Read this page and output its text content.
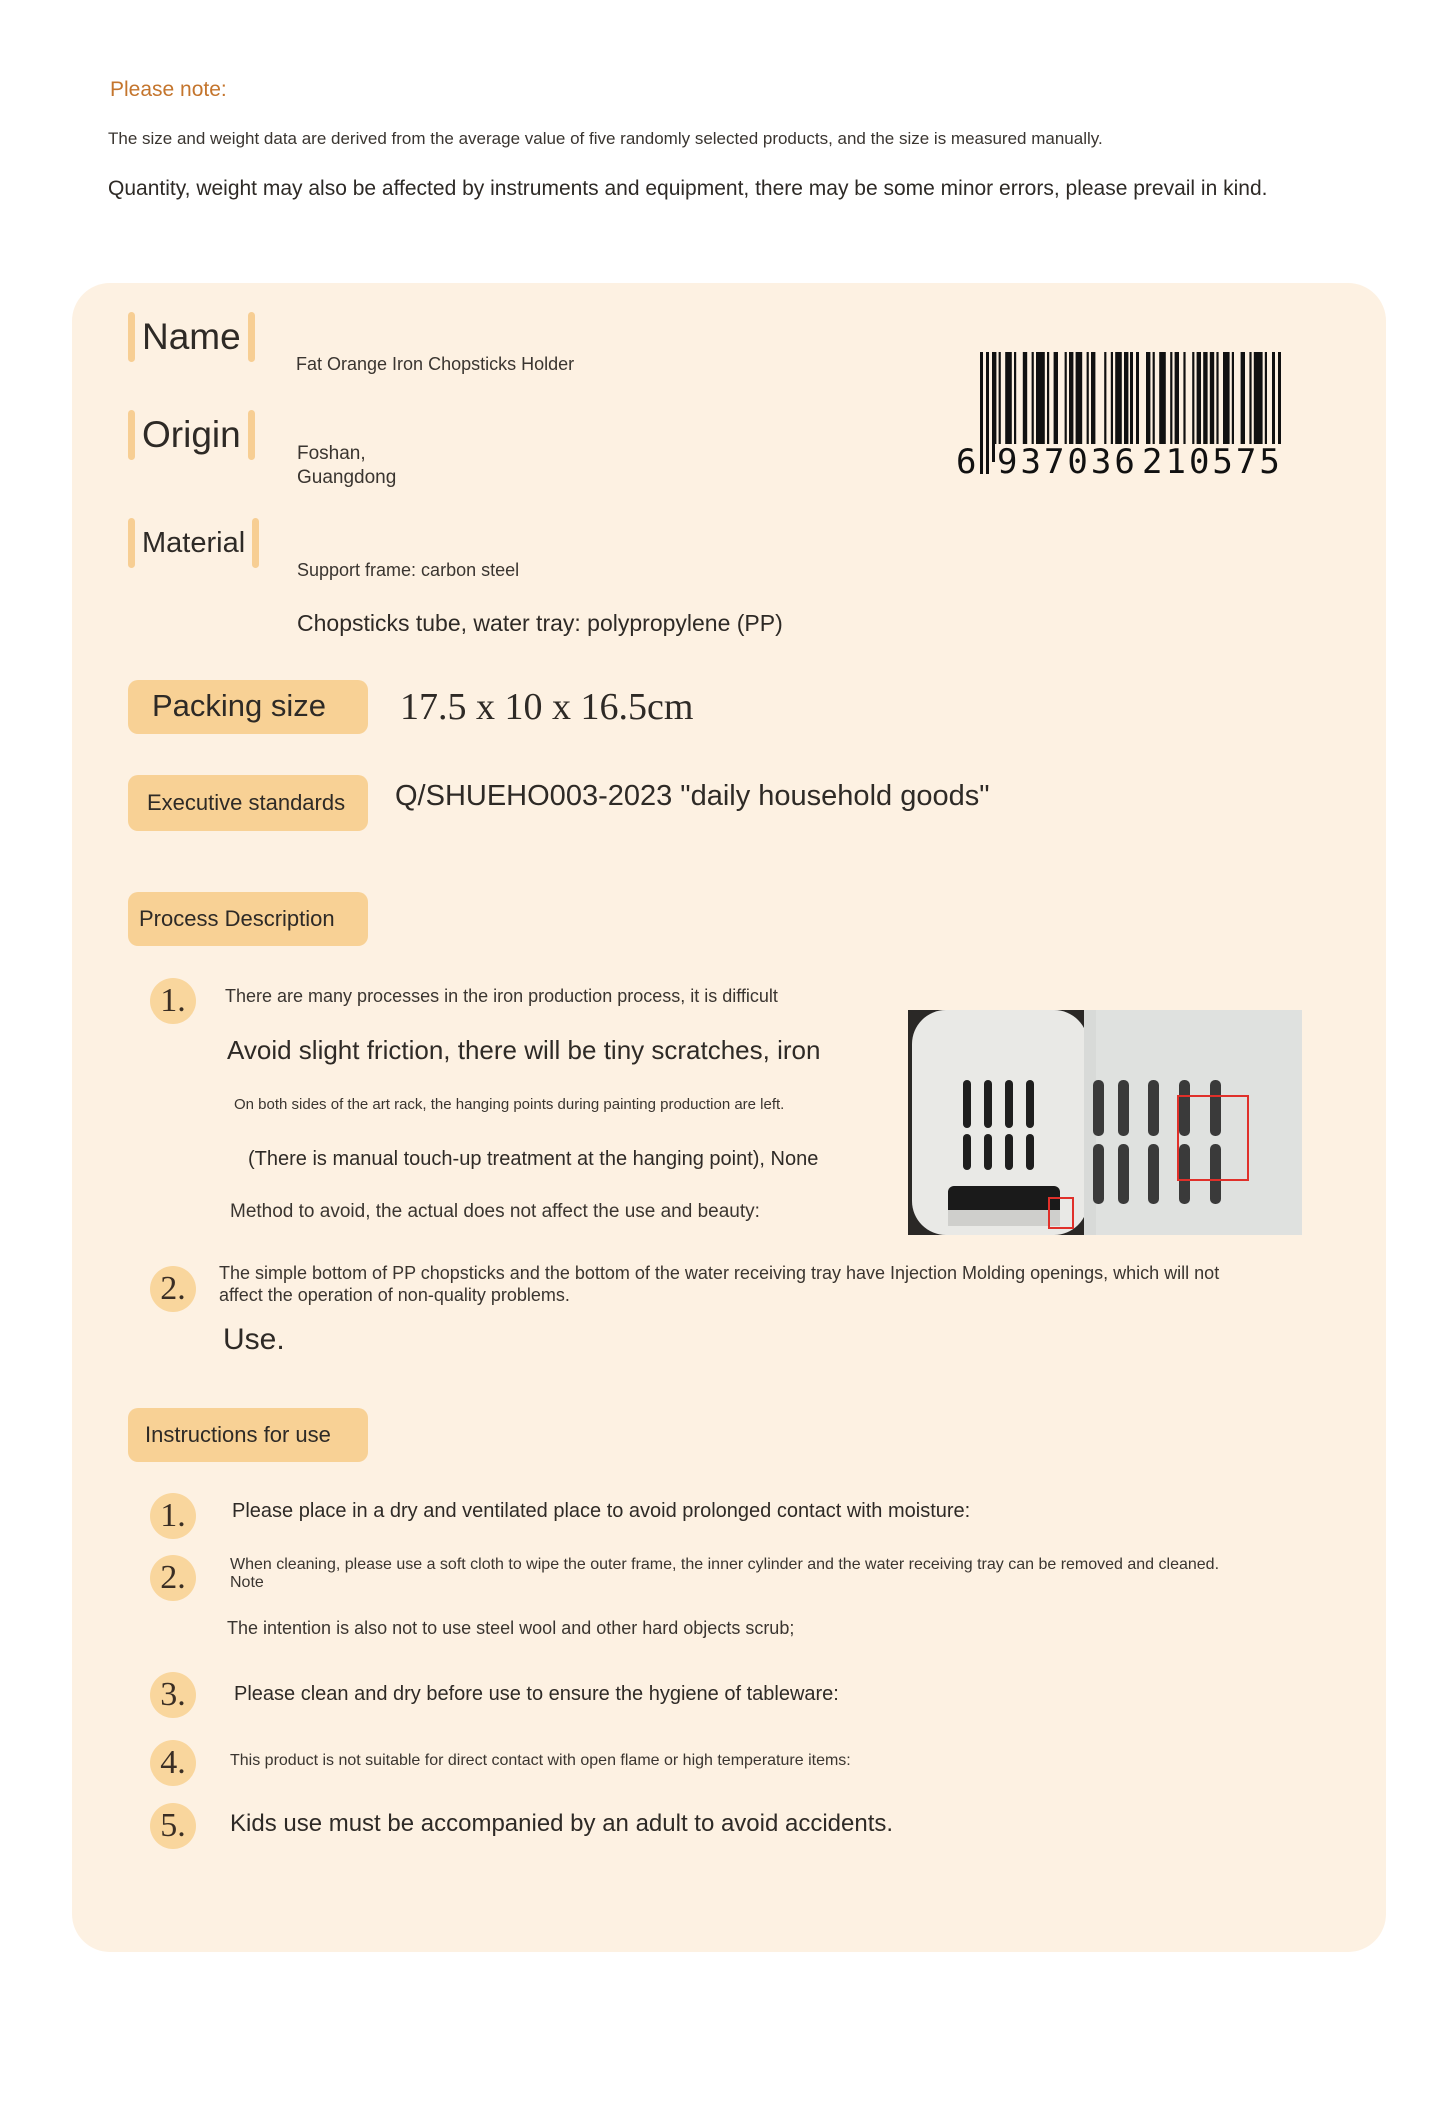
Please note:
The size and weight data are derived from the average value of five randomly selected products, and the size is measured manually.
Quantity, weight may also be affected by instruments and equipment, there may be some minor errors, please prevail in kind.
Name
Fat Orange Iron Chopsticks Holder
Origin	Foshan,
Guangdong
Material
Support frame: carbon steel
Chopsticks tube, water tray: polypropylene (PP)
6 937036 210575
Packing size	17.5 x 10 x 16.5cm
Executive standards	Q/SHUEHO003-2023 "daily household goods"
Process Description
1.	There are many processes in the iron production process, it is difficult
Avoid slight friction, there will be tiny scratches, iron
On both sides of the art rack, the hanging points during painting production are left.
(There is manual touch-up treatment at the hanging point), None
Method to avoid, the actual does not affect the use and beauty:
2.	The simple bottom of PP chopsticks and the bottom of the water receiving tray have Injection Molding openings, which will not
affect the operation of non-quality problems.
Use.
Instructions for use
1.	Please place in a dry and ventilated place to avoid prolonged contact with moisture:
2.	When cleaning, please use a soft cloth to wipe the outer frame, the inner cylinder and the water receiving tray can be removed and cleaned.
Note
The intention is also not to use steel wool and other hard objects scrub;
3.	Please clean and dry before use to ensure the hygiene of tableware:
4.	This product is not suitable for direct contact with open flame or high temperature items:
5.	Kids use must be accompanied by an adult to avoid accidents.
